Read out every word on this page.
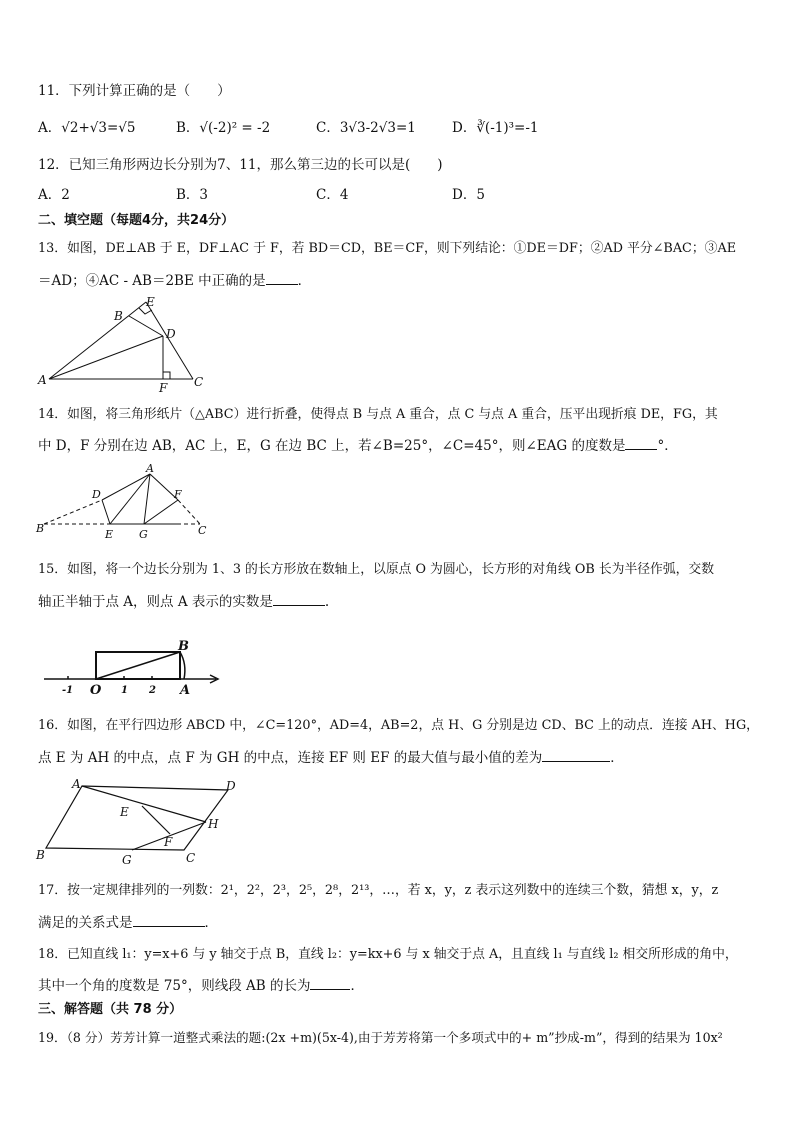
11．下列计算正确的是（　　）
A．√2+√3=√5	B．√(-2)² = -2	C．3√3-2√3=1	D．∛(-1)³=-1
12．已知三角形两边长分别为7、11，那么第三边的长可以是(　　)
A．2	B．3	C．4	D．5
二、填空题（每题4分，共24分）
13．如图，DE⊥AB 于 E，DF⊥AC 于 F，若 BD＝CD，BE＝CF，则下列结论：①DE＝DF；②AD 平分∠BAC；③AE
＝AD；④AC - AB＝2BE 中正确的是 ．
A
B
C
D
E
F
14．如图，将三角形纸片（△ABC）进行折叠，使得点 B 与点 A 重合，点 C 与点 A 重合，压平出现折痕 DE，FG，其
中 D，F 分别在边 AB，AC 上，E，G 在边 BC 上，若∠B=25°，∠C=45°，则∠EAG 的度数是 °．
A
B	C
D
E
F
G
15．如图，将一个边长分别为 1、3 的长方形放在数轴上，以原点 O 为圆心，长方形的对角线 OB 长为半径作弧，交数
轴正半轴于点 A，则点 A 表示的实数是	.
B
O	A
-1	1 2
16．如图，在平行四边形 ABCD 中，∠C=120°，AD=4，AB=2，点 H、G 分别是边 CD、BC 上的动点．连接 AH、HG，
点 E 为 AH 的中点，点 F 为 GH 的中点，连接 EF 则 EF 的最大值与最小值的差为	．
A	D
B	C
E
F
G
H
17．按一定规律排列的一列数：2¹，2²，2³，2⁵，2⁸，2¹³，…，若 x，y，z 表示这列数中的连续三个数，猜想 x，y，z
满足的关系式是	．
18．已知直线 l₁：y=x+6 与 y 轴交于点 B，直线 l₂：y=kx+6 与 x 轴交于点 A，且直线 l₁ 与直线 l₂ 相交所形成的角中，
其中一个角的度数是 75°，则线段 AB 的长为	．
三、解答题（共 78 分）
19．（8 分）芳芳计算一道整式乘法的题:(2x +m)(5x-4),由于芳芳将第一个多项式中的+ m”抄成-m”，得到的结果为 10x²
